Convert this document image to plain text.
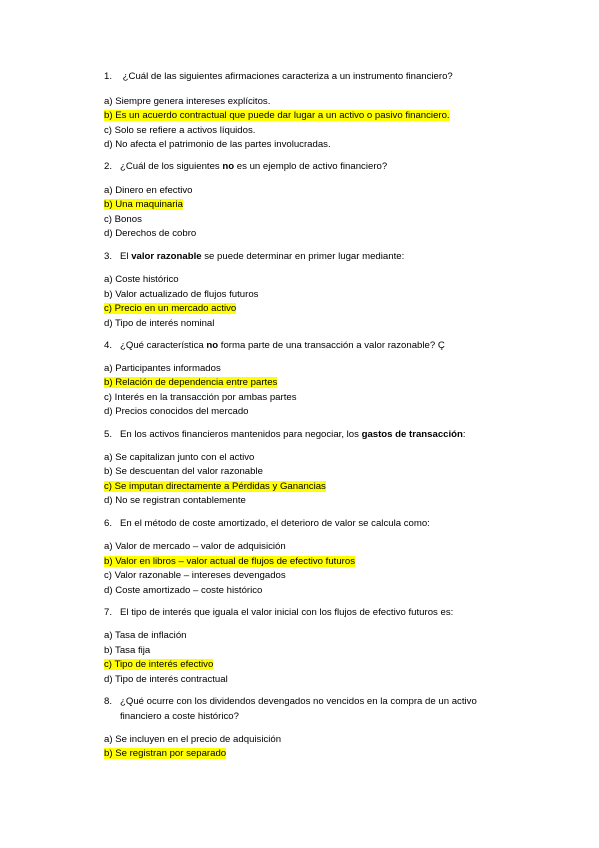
1. ¿Cuál de las siguientes afirmaciones caracteriza a un instrumento financiero?
a) Siempre genera intereses explícitos.
b) Es un acuerdo contractual que puede dar lugar a un activo o pasivo financiero.
c) Solo se refiere a activos líquidos.
d) No afecta el patrimonio de las partes involucradas.
2. ¿Cuál de los siguientes no es un ejemplo de activo financiero?
a) Dinero en efectivo
b) Una maquinaria
c) Bonos
d) Derechos de cobro
3. El valor razonable se puede determinar en primer lugar mediante:
a) Coste histórico
b) Valor actualizado de flujos futuros
c) Precio en un mercado activo
d) Tipo de interés nominal
4. ¿Qué característica no forma parte de una transacción a valor razonable? Ç
a) Participantes informados
b) Relación de dependencia entre partes
c) Interés en la transacción por ambas partes
d) Precios conocidos del mercado
5. En los activos financieros mantenidos para negociar, los gastos de transacción:
a) Se capitalizan junto con el activo
b) Se descuentan del valor razonable
c) Se imputan directamente a Pérdidas y Ganancias
d) No se registran contablemente
6. En el método de coste amortizado, el deterioro de valor se calcula como:
a) Valor de mercado – valor de adquisición
b) Valor en libros – valor actual de flujos de efectivo futuros
c) Valor razonable – intereses devengados
d) Coste amortizado – coste histórico
7. El tipo de interés que iguala el valor inicial con los flujos de efectivo futuros es:
a) Tasa de inflación
b) Tasa fija
c) Tipo de interés efectivo
d) Tipo de interés contractual
8. ¿Qué ocurre con los dividendos devengados no vencidos en la compra de un activo
financiero a coste histórico?
a) Se incluyen en el precio de adquisición
b) Se registran por separado
